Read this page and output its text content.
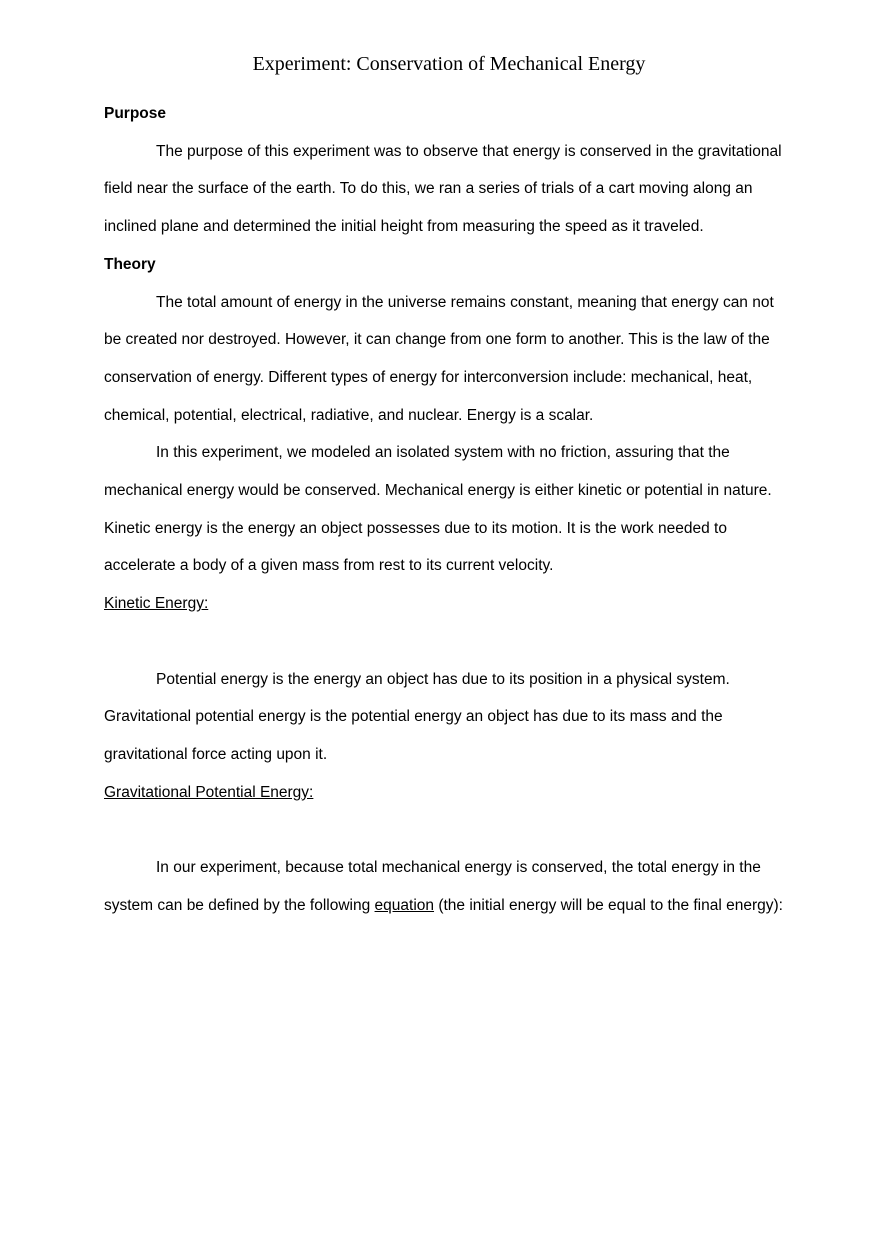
Experiment: Conservation of Mechanical Energy

Purpose

The purpose of this experiment was to observe that energy is conserved in the gravitational field near the surface of the earth. To do this, we ran a series of trials of a cart moving along an inclined plane and determined the initial height from measuring the speed as it traveled.

Theory

The total amount of energy in the universe remains constant, meaning that energy can not be created nor destroyed. However, it can change from one form to another. This is the law of the conservation of energy. Different types of energy for interconversion include: mechanical, heat, chemical, potential, electrical, radiative, and nuclear. Energy is a scalar.

In this experiment, we modeled an isolated system with no friction, assuring that the mechanical energy would be conserved. Mechanical energy is either kinetic or potential in nature. Kinetic energy is the energy an object possesses due to its motion. It is the work needed to accelerate a body of a given mass from rest to its current velocity.

Kinetic Energy:

Potential energy is the energy an object has due to its position in a physical system. Gravitational potential energy is the potential energy an object has due to its mass and the gravitational force acting upon it.

Gravitational Potential Energy:

In our experiment, because total mechanical energy is conserved, the total energy in the system can be defined by the following equation (the initial energy will be equal to the final energy):
